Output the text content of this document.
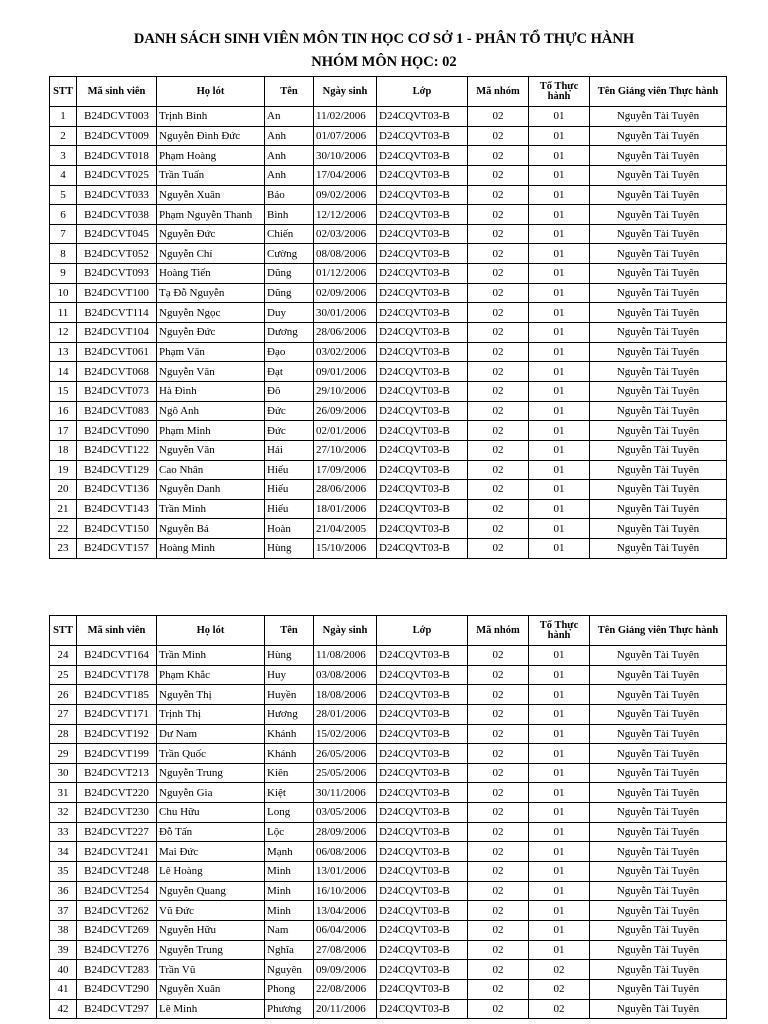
DANH SÁCH SINH VIÊN MÔN TIN HỌC CƠ SỞ 1 - PHÂN TỔ THỰC HÀNH
NHÓM MÔN HỌC: 02
STT	Mã sinh viên	Họ lót	Tên	Ngày sinh	Lớp	Mã nhóm	Tổ Thực hành	Tên Giảng viên Thực hành
1	B24DCVT003	Trịnh Bình	An	11/02/2006	D24CQVT03-B	02	01	Nguyễn Tài Tuyên
2	B24DCVT009	Nguyễn Đình Đức	Anh	01/07/2006	D24CQVT03-B	02	01	Nguyễn Tài Tuyên
3	B24DCVT018	Phạm Hoàng	Anh	30/10/2006	D24CQVT03-B	02	01	Nguyễn Tài Tuyên
4	B24DCVT025	Trần Tuấn	Anh	17/04/2006	D24CQVT03-B	02	01	Nguyễn Tài Tuyên
5	B24DCVT033	Nguyễn Xuân	Bảo	09/02/2006	D24CQVT03-B	02	01	Nguyễn Tài Tuyên
6	B24DCVT038	Phạm Nguyễn Thanh	Bình	12/12/2006	D24CQVT03-B	02	01	Nguyễn Tài Tuyên
7	B24DCVT045	Nguyễn Đức	Chiến	02/03/2006	D24CQVT03-B	02	01	Nguyễn Tài Tuyên
8	B24DCVT052	Nguyễn Chí	Cường	08/08/2006	D24CQVT03-B	02	01	Nguyễn Tài Tuyên
9	B24DCVT093	Hoàng Tiến	Dũng	01/12/2006	D24CQVT03-B	02	01	Nguyễn Tài Tuyên
10	B24DCVT100	Tạ Đỗ Nguyễn	Dũng	02/09/2006	D24CQVT03-B	02	01	Nguyễn Tài Tuyên
11	B24DCVT114	Nguyễn Ngọc	Duy	30/01/2006	D24CQVT03-B	02	01	Nguyễn Tài Tuyên
12	B24DCVT104	Nguyễn Đức	Dương	28/06/2006	D24CQVT03-B	02	01	Nguyễn Tài Tuyên
13	B24DCVT061	Phạm Văn	Đạo	03/02/2006	D24CQVT03-B	02	01	Nguyễn Tài Tuyên
14	B24DCVT068	Nguyễn Văn	Đạt	09/01/2006	D24CQVT03-B	02	01	Nguyễn Tài Tuyên
15	B24DCVT073	Hà Đình	Đô	29/10/2006	D24CQVT03-B	02	01	Nguyễn Tài Tuyên
16	B24DCVT083	Ngô Anh	Đức	26/09/2006	D24CQVT03-B	02	01	Nguyễn Tài Tuyên
17	B24DCVT090	Phạm Minh	Đức	02/01/2006	D24CQVT03-B	02	01	Nguyễn Tài Tuyên
18	B24DCVT122	Nguyễn Văn	Hải	27/10/2006	D24CQVT03-B	02	01	Nguyễn Tài Tuyên
19	B24DCVT129	Cao Nhân	Hiếu	17/09/2006	D24CQVT03-B	02	01	Nguyễn Tài Tuyên
20	B24DCVT136	Nguyễn Danh	Hiếu	28/06/2006	D24CQVT03-B	02	01	Nguyễn Tài Tuyên
21	B24DCVT143	Trần Minh	Hiếu	18/01/2006	D24CQVT03-B	02	01	Nguyễn Tài Tuyên
22	B24DCVT150	Nguyễn Bá	Hoàn	21/04/2005	D24CQVT03-B	02	01	Nguyễn Tài Tuyên
23	B24DCVT157	Hoàng Minh	Hùng	15/10/2006	D24CQVT03-B	02	01	Nguyễn Tài Tuyên
STT	Mã sinh viên	Họ lót	Tên	Ngày sinh	Lớp	Mã nhóm	Tổ Thực hành	Tên Giảng viên Thực hành
24	B24DCVT164	Trần Minh	Hùng	11/08/2006	D24CQVT03-B	02	01	Nguyễn Tài Tuyên
25	B24DCVT178	Phạm Khắc	Huy	03/08/2006	D24CQVT03-B	02	01	Nguyễn Tài Tuyên
26	B24DCVT185	Nguyễn Thị	Huyền	18/08/2006	D24CQVT03-B	02	01	Nguyễn Tài Tuyên
27	B24DCVT171	Trịnh Thị	Hương	28/01/2006	D24CQVT03-B	02	01	Nguyễn Tài Tuyên
28	B24DCVT192	Dư Nam	Khánh	15/02/2006	D24CQVT03-B	02	01	Nguyễn Tài Tuyên
29	B24DCVT199	Trần Quốc	Khánh	26/05/2006	D24CQVT03-B	02	01	Nguyễn Tài Tuyên
30	B24DCVT213	Nguyễn Trung	Kiên	25/05/2006	D24CQVT03-B	02	01	Nguyễn Tài Tuyên
31	B24DCVT220	Nguyễn Gia	Kiệt	30/11/2006	D24CQVT03-B	02	01	Nguyễn Tài Tuyên
32	B24DCVT230	Chu Hữu	Long	03/05/2006	D24CQVT03-B	02	01	Nguyễn Tài Tuyên
33	B24DCVT227	Đỗ Tấn	Lộc	28/09/2006	D24CQVT03-B	02	01	Nguyễn Tài Tuyên
34	B24DCVT241	Mai Đức	Mạnh	06/08/2006	D24CQVT03-B	02	01	Nguyễn Tài Tuyên
35	B24DCVT248	Lê Hoàng	Minh	13/01/2006	D24CQVT03-B	02	01	Nguyễn Tài Tuyên
36	B24DCVT254	Nguyễn Quang	Minh	16/10/2006	D24CQVT03-B	02	01	Nguyễn Tài Tuyên
37	B24DCVT262	Vũ Đức	Minh	13/04/2006	D24CQVT03-B	02	01	Nguyễn Tài Tuyên
38	B24DCVT269	Nguyễn Hữu	Nam	06/04/2006	D24CQVT03-B	02	01	Nguyễn Tài Tuyên
39	B24DCVT276	Nguyễn Trung	Nghĩa	27/08/2006	D24CQVT03-B	02	01	Nguyễn Tài Tuyên
40	B24DCVT283	Trần Vũ	Nguyên	09/09/2006	D24CQVT03-B	02	02	Nguyễn Tài Tuyên
41	B24DCVT290	Nguyễn Xuân	Phong	22/08/2006	D24CQVT03-B	02	02	Nguyễn Tài Tuyên
42	B24DCVT297	Lê Minh	Phương	20/11/2006	D24CQVT03-B	02	02	Nguyễn Tài Tuyên
